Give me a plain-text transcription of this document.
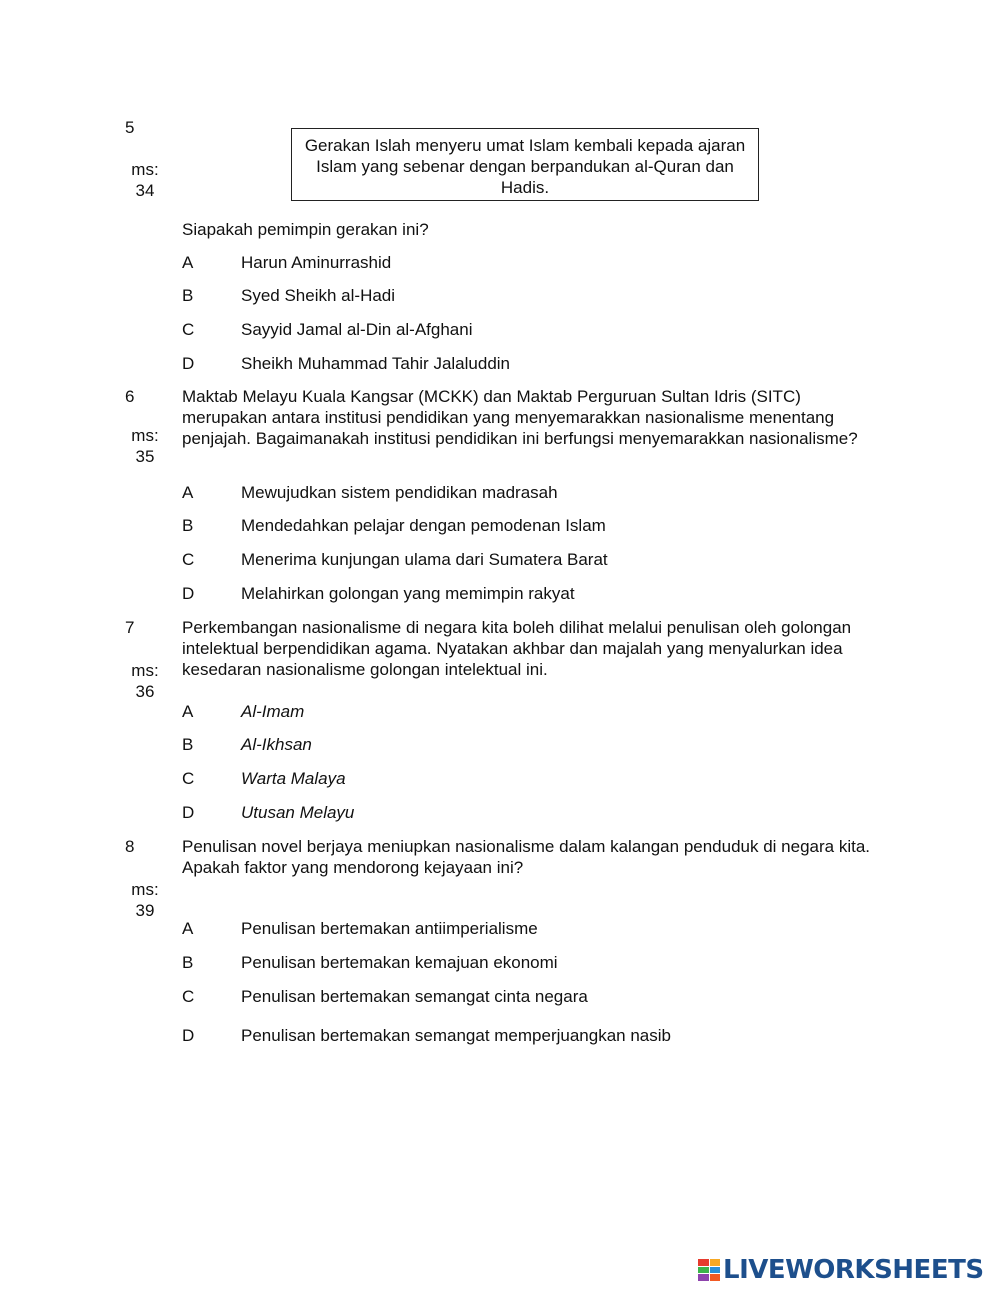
5
ms:
34
Gerakan Islah menyeru umat Islam kembali kepada ajaran Islam yang sebenar dengan berpandukan al-Quran dan Hadis.
Siapakah pemimpin gerakan ini?
A	Harun Aminurrashid
B	Syed Sheikh al-Hadi
C	Sayyid Jamal al-Din al-Afghani
D	Sheikh Muhammad Tahir Jalaluddin
6
ms:
35
Maktab Melayu Kuala Kangsar (MCKK) dan Maktab Perguruan Sultan Idris (SITC) merupakan antara institusi pendidikan yang menyemarakkan nasionalisme menentang penjajah. Bagaimanakah institusi pendidikan ini berfungsi menyemarakkan nasionalisme?
A	Mewujudkan sistem pendidikan madrasah
B	Mendedahkan pelajar dengan pemodenan Islam
C	Menerima kunjungan ulama dari Sumatera Barat
D	Melahirkan golongan yang memimpin rakyat
7
ms:
36
Perkembangan nasionalisme di negara kita boleh dilihat melalui penulisan oleh golongan intelektual berpendidikan agama. Nyatakan akhbar dan majalah yang menyalurkan idea kesedaran nasionalisme golongan intelektual ini.
A	Al-Imam
B	Al-Ikhsan
C	Warta Malaya
D	Utusan Melayu
8
ms:
39
Penulisan novel berjaya meniupkan nasionalisme dalam kalangan penduduk di negara kita. Apakah faktor yang mendorong kejayaan ini?
A	Penulisan bertemakan antiimperialisme
B	Penulisan bertemakan kemajuan ekonomi
C	Penulisan bertemakan semangat cinta negara
D	Penulisan bertemakan semangat memperjuangkan nasib
LIVEWORKSHEETS
